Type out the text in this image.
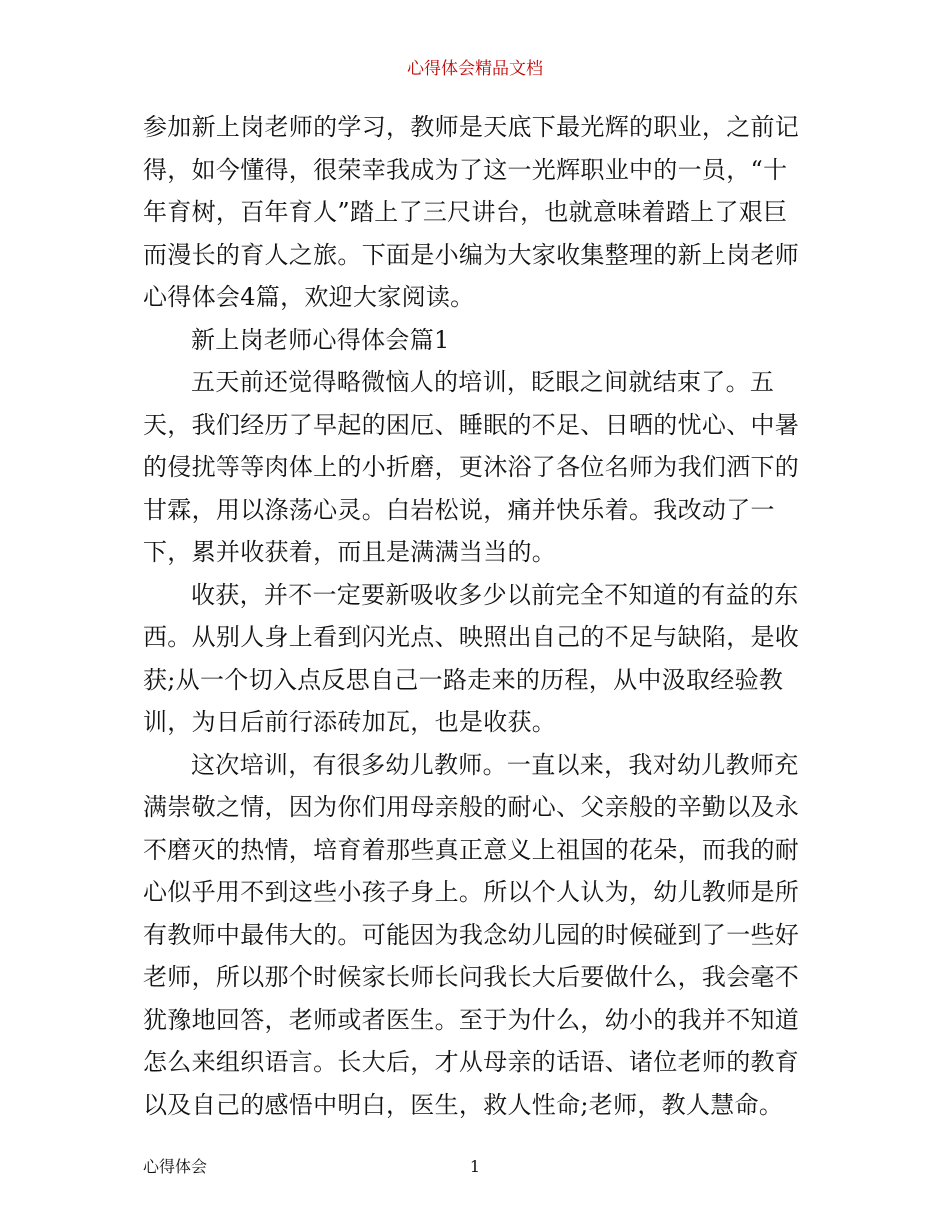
心得体会精品文档
参加新上岗老师的学习，教师是天底下最光辉的职业，之前记
得，如今懂得，很荣幸我成为了这一光辉职业中的一员，“十
年育树，百年育人”踏上了三尺讲台，也就意味着踏上了艰巨
而漫长的育人之旅。下面是小编为大家收集整理的新上岗老师
心得体会4篇，欢迎大家阅读。
新上岗老师心得体会篇1
五天前还觉得略微恼人的培训，眨眼之间就结束了。五
天，我们经历了早起的困厄、睡眠的不足、日晒的忧心、中暑
的侵扰等等肉体上的小折磨，更沐浴了各位名师为我们洒下的
甘霖，用以涤荡心灵。白岩松说，痛并快乐着。我改动了一
下，累并收获着，而且是满满当当的。
收获，并不一定要新吸收多少以前完全不知道的有益的东
西。从别人身上看到闪光点、映照出自己的不足与缺陷，是收
获;从一个切入点反思自己一路走来的历程，从中汲取经验教
训，为日后前行添砖加瓦，也是收获。
这次培训，有很多幼儿教师。一直以来，我对幼儿教师充
满崇敬之情，因为你们用母亲般的耐心、父亲般的辛勤以及永
不磨灭的热情，培育着那些真正意义上祖国的花朵，而我的耐
心似乎用不到这些小孩子身上。所以个人认为，幼儿教师是所
有教师中最伟大的。可能因为我念幼儿园的时候碰到了一些好
老师，所以那个时候家长师长问我长大后要做什么，我会毫不
犹豫地回答，老师或者医生。至于为什么，幼小的我并不知道
怎么来组织语言。长大后，才从母亲的话语、诸位老师的教育
以及自己的感悟中明白，医生，救人性命;老师，教人慧命。
心得体会	1
